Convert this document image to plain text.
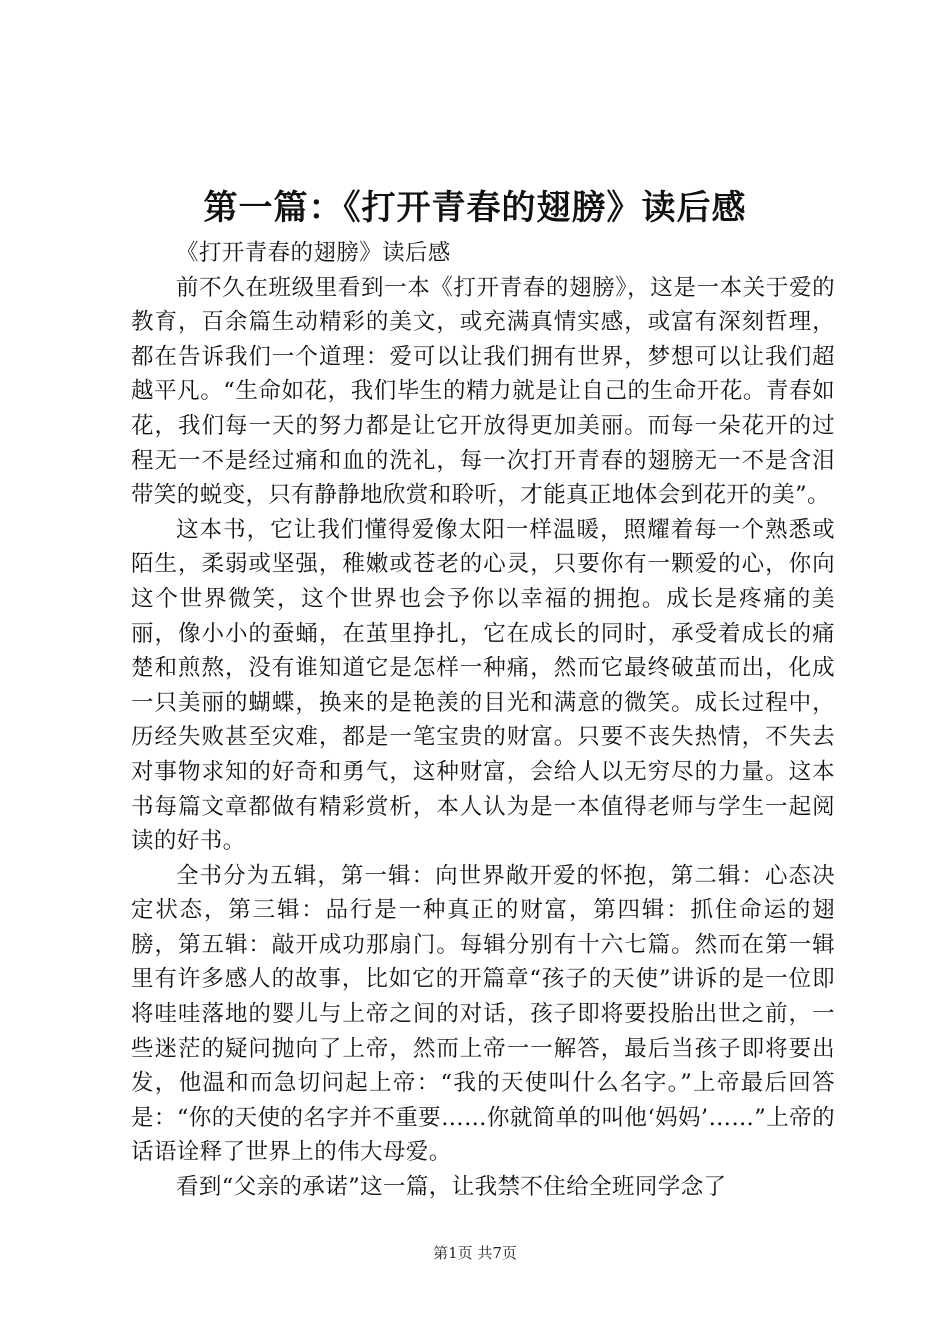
第一篇：《打开青春的翅膀》读后感

《打开青春的翅膀》读后感

前不久在班级里看到一本《打开青春的翅膀》，这是一本关于爱的教育，百余篇生动精彩的美文，或充满真情实感，或富有深刻哲理，都在告诉我们一个道理：爱可以让我们拥有世界，梦想可以让我们超越平凡。“生命如花，我们毕生的精力就是让自己的生命开花。青春如花，我们每一天的努力都是让它开放得更加美丽。而每一朵花开的过程无一不是经过痛和血的洗礼，每一次打开青春的翅膀无一不是含泪带笑的蜕变，只有静静地欣赏和聆听，才能真正地体会到花开的美”。

这本书，它让我们懂得爱像太阳一样温暖，照耀着每一个熟悉或陌生，柔弱或坚强，稚嫩或苍老的心灵，只要你有一颗爱的心，你向这个世界微笑，这个世界也会予你以幸福的拥抱。成长是疼痛的美丽，像小小的蚕蛹，在茧里挣扎，它在成长的同时，承受着成长的痛楚和煎熬，没有谁知道它是怎样一种痛，然而它最终破茧而出，化成一只美丽的蝴蝶，换来的是艳羡的目光和满意的微笑。成长过程中，历经失败甚至灾难，都是一笔宝贵的财富。只要不丧失热情，不失去对事物求知的好奇和勇气，这种财富，会给人以无穷尽的力量。这本书每篇文章都做有精彩赏析，本人认为是一本值得老师与学生一起阅读的好书。

全书分为五辑，第一辑：向世界敞开爱的怀抱，第二辑：心态决定状态，第三辑：品行是一种真正的财富，第四辑：抓住命运的翅膀，第五辑：敲开成功那扇门。每辑分别有十六七篇。然而在第一辑里有许多感人的故事，比如它的开篇章“孩子的天使”讲诉的是一位即将哇哇落地的婴儿与上帝之间的对话，孩子即将要投胎出世之前，一些迷茫的疑问抛向了上帝，然而上帝一一解答，最后当孩子即将要出发，他温和而急切问起上帝：“我的天使叫什么名字。”上帝最后回答是：“你的天使的名字并不重要……你就简单的叫他‘妈妈’……”上帝的话语诠释了世界上的伟大母爱。

看到“父亲的承诺”这一篇，让我禁不住给全班同学念了

第1页 共7页
